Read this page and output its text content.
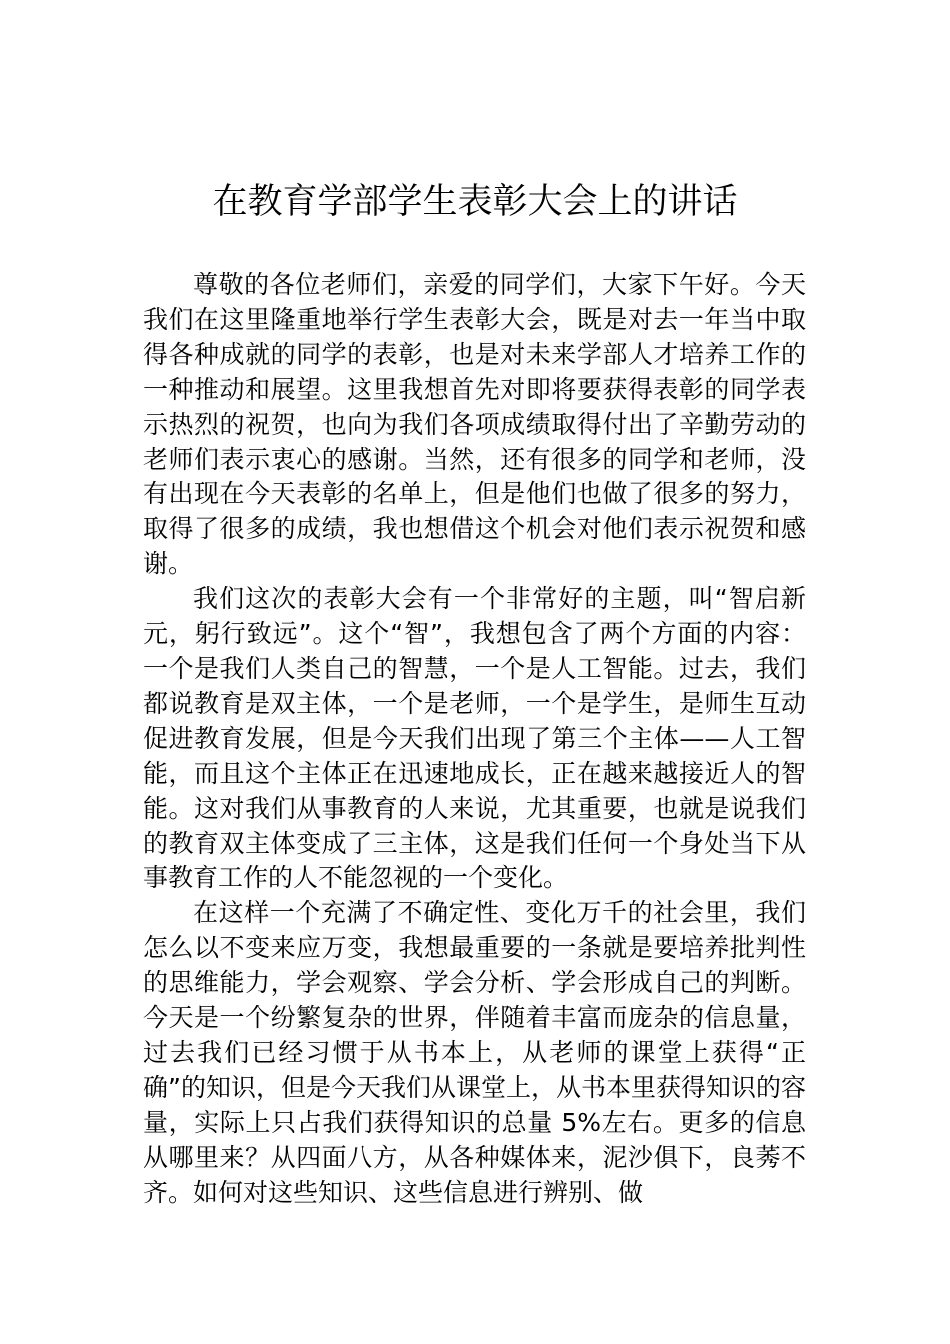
在教育学部学生表彰大会上的讲话

尊敬的各位老师们，亲爱的同学们，大家下午好。今天我们在这里隆重地举行学生表彰大会，既是对去一年当中取得各种成就的同学的表彰，也是对未来学部人才培养工作的一种推动和展望。这里我想首先对即将要获得表彰的同学表示热烈的祝贺，也向为我们各项成绩取得付出了辛勤劳动的老师们表示衷心的感谢。当然，还有很多的同学和老师，没有出现在今天表彰的名单上，但是他们也做了很多的努力，取得了很多的成绩，我也想借这个机会对他们表示祝贺和感谢。

我们这次的表彰大会有一个非常好的主题，叫“智启新元，躬行致远”。这个“智”，我想包含了两个方面的内容：一个是我们人类自己的智慧，一个是人工智能。过去，我们都说教育是双主体，一个是老师，一个是学生，是师生互动促进教育发展，但是今天我们出现了第三个主体——人工智能，而且这个主体正在迅速地成长，正在越来越接近人的智能。这对我们从事教育的人来说，尤其重要，也就是说我们的教育双主体变成了三主体，这是我们任何一个身处当下从事教育工作的人不能忽视的一个变化。

在这样一个充满了不确定性、变化万千的社会里，我们怎么以不变来应万变，我想最重要的一条就是要培养批判性的思维能力，学会观察、学会分析、学会形成自己的判断。今天是一个纷繁复杂的世界，伴随着丰富而庞杂的信息量，过去我们已经习惯于从书本上，从老师的课堂上获得“正确”的知识，但是今天我们从课堂上，从书本里获得知识的容量，实际上只占我们获得知识的总量 5%左右。更多的信息从哪里来？从四面八方，从各种媒体来，泥沙俱下，良莠不齐。如何对这些知识、这些信息进行辨别、做
